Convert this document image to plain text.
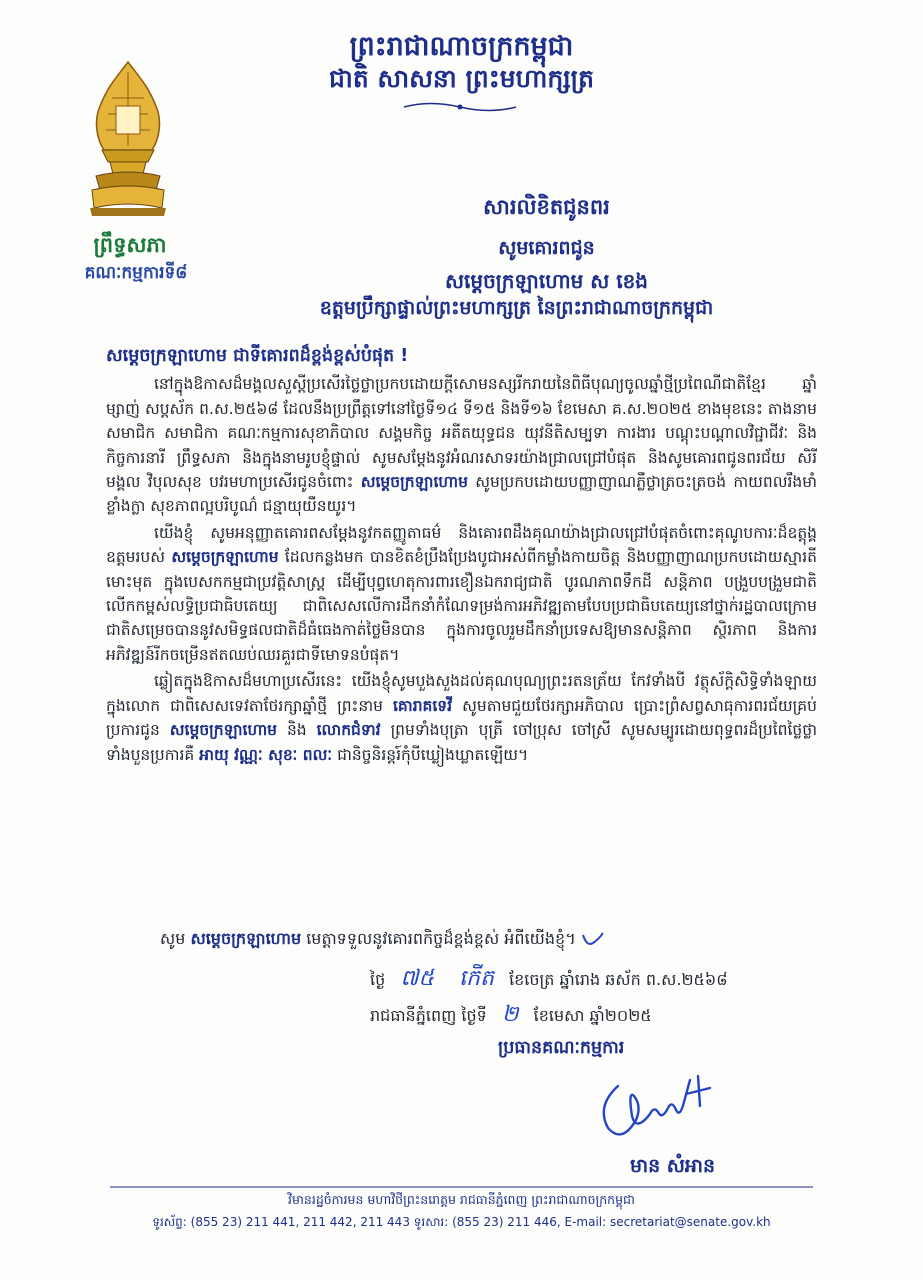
ព្រះរាជាណាចក្រកម្ពុជា
ជាតិ សាសនា ព្រះមហាក្សត្រ
ព្រឹទ្ធសភា
គណៈកម្មការទី៨
សារលិខិតជូនពរ
សូមគោរពជូន
សម្តេចក្រឡាហោម ស ខេង
ឧត្តមប្រឹក្សាផ្ទាល់ព្រះមហាក្សត្រ នៃព្រះរាជាណាចក្រកម្ពុជា
សម្តេចក្រឡាហោម ជាទីគោរពដ៏ខ្ពង់ខ្ពស់បំផុត !

នៅក្នុងឱកាសដ៏មង្គលសួស្តីប្រសើរថ្លៃថ្លាប្រកបដោយក្តីសោមនស្សរីករាយនៃពិធីបុណ្យចូលឆ្នាំថ្មីប្រពៃណីជាតិខ្មែរ ឆ្នាំម្សាញ់ សប្តស័ក ព.ស.២៥៦៨ ដែលនឹងប្រព្រឹត្តទៅនៅថ្ងៃទី១៤ ទី១៥ និងទី១៦ ខែមេសា គ.ស.២០២៥ ខាងមុខនេះ តាងនាមសមាជិក សមាជិកា គណៈកម្មការសុខាភិបាល សង្គមកិច្ច អតីតយុទ្ធជន យុវនីតិសម្បទា ការងារ បណ្តុះបណ្តាលវិជ្ជាជីវៈ និងកិច្ចការនារី ព្រឹទ្ធសភា និងក្នុងនាមរូបខ្ញុំផ្ទាល់ សូមសម្តែងនូវអំណរសាទរយ៉ាងជ្រាលជ្រៅបំផុត និងសូមគោរពជូនពរជ័យ សិរីមង្គល វិបុលសុខ បវរមហាប្រសើរជូនចំពោះ សម្តេចក្រឡាហោម សូមប្រកបដោយបញ្ញាញាណភ្លឺថ្លាត្រចះត្រចង់ កាយពលរឹងមាំខ្លាំងក្លា សុខភាពល្អបរិបូណ៌ ជន្មាយុយឺនយូរ។

យើងខ្ញុំ សូមអនុញ្ញាតគោរពសម្តែងនូវកតញ្ញូតាធម៌ និងគោរពដឹងគុណយ៉ាងជ្រាលជ្រៅបំផុតចំពោះគុណូបការៈដ៏ឧត្តុង្គឧត្តមរបស់ សម្តេចក្រឡាហោម ដែលកន្លងមក បានខិតខំប្រឹងប្រែងបូជាអស់ពីកម្លាំងកាយចិត្ត និងបញ្ញាញាណប្រកបដោយស្មារតីមោះមុត ក្នុងបេសកកម្មជាប្រវត្តិសាស្ត្រ ដើម្បីបុព្វហេតុការពារខឿនឯករាជ្យជាតិ បូរណភាពទឹកដី សន្តិភាព បង្រួបបង្រួមជាតិ លើកកម្ពស់លទ្ធិប្រជាធិបតេយ្យ ជាពិសេសលើការដឹកនាំកំណែទម្រង់ការអភិវឌ្ឍតាមបែបប្រជាធិបតេយ្យនៅថ្នាក់រដ្ឋបាលក្រោមជាតិសម្រេចបាននូវសមិទ្ធផលជាតិដ៏ធំធេងកាត់ថ្លៃមិនបាន ក្នុងការចូលរួមដឹកនាំប្រទេសឱ្យមានសន្តិភាព ស្ថិរភាព និងការអភិវឌ្ឍន៍រីកចម្រើនឥតឈប់ឈរគួរជាទីមោទនបំផុត។

ឆ្លៀតក្នុងឱកាសដ៏មហាប្រសើរនេះ យើងខ្ញុំសូមបួងសួងដល់គុណបុណ្យព្រះរតនត្រ័យ កែវទាំងបី វត្ថុស័ក្តិសិទ្ធិទាំងឡាយក្នុងលោក ជាពិសេសទេវតាថែរក្សាឆ្នាំថ្មី ព្រះនាម គោរាគទេវី សូមតាមជួយថែរក្សាអភិបាល ប្រោះព្រំសព្វសាធុការពរជ័យគ្រប់ប្រការជូន សម្តេចក្រឡាហោម និង លោកជំទាវ ព្រមទាំងបុត្រា បុត្រី ចៅប្រុស ចៅស្រី សូមសម្បូរដោយពុទ្ធពរដ៏ប្រពៃថ្លៃថ្លាទាំងបួនប្រការគឺ អាយុ វណ្ណៈ សុខៈ ពលៈ ជានិច្ចនិរន្តរ៍កុំបីឃ្លៀងឃ្លាតឡើយ។

សូម សម្តេចក្រឡាហោម មេត្តាទទួលនូវគោរពកិច្ចដ៏ខ្ពង់ខ្ពស់ អំពីយើងខ្ញុំ។
ថ្ងៃ ៧៥ កើត ខែចេត្រ ឆ្នាំរោង ឆស័ក ព.ស.២៥៦៨
រាជធានីភ្នំពេញ ថ្ងៃទី ២ ខែមេសា ឆ្នាំ២០២៥
ប្រធានគណៈកម្មការ
មាន សំអាន
វិមានរដ្ឋចំការមន មហាវិថីព្រះនរោត្តម រាជធានីភ្នំពេញ ព្រះរាជាណាចក្រកម្ពុជា
ទូរស័ព្ទ: (855 23) 211 441, 211 442, 211 443 ទូរសារ: (855 23) 211 446, E-mail: secretariat@senate.gov.kh
